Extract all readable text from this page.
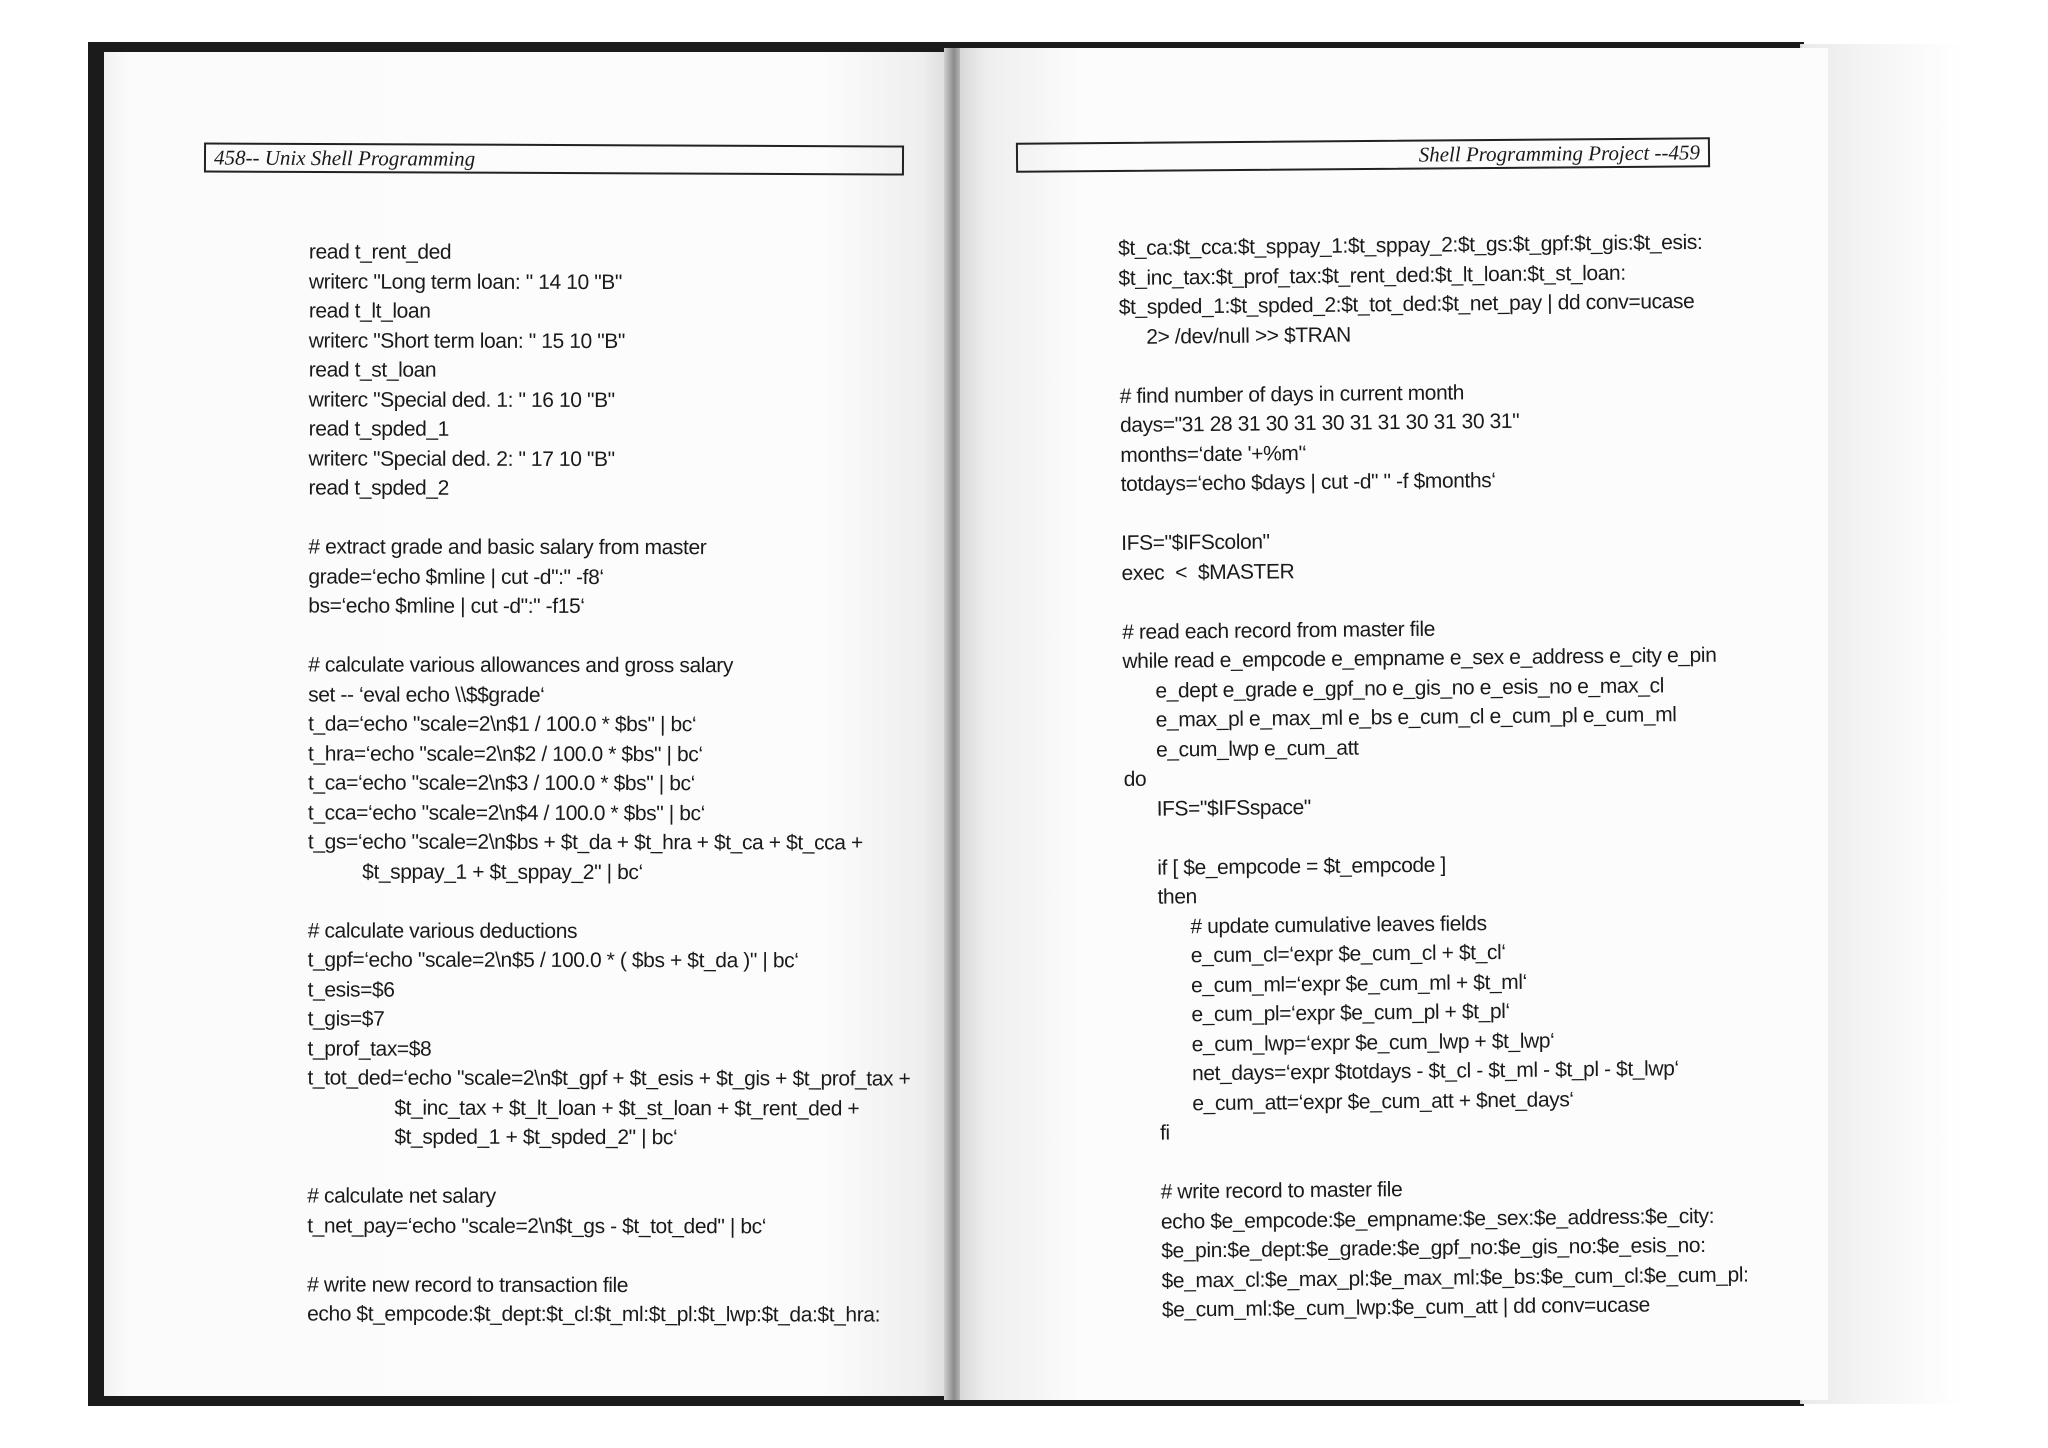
458-- Unix Shell Programming
read t_rent_ded
writerc "Long term loan: " 14 10 "B"
read t_lt_loan
writerc "Short term loan: " 15 10 "B"
read t_st_loan
writerc "Special ded. 1: " 16 10 "B"
read t_spded_1
writerc "Special ded. 2: " 17 10 "B"
read t_spded_2
# extract grade and basic salary from master
grade=‘echo $mline | cut -d":" -f8‘
bs=‘echo $mline | cut -d":" -f15‘
# calculate various allowances and gross salary
set -- ‘eval echo \\$$grade‘
t_da=‘echo "scale=2\n$1 / 100.0 * $bs" | bc‘
t_hra=‘echo "scale=2\n$2 / 100.0 * $bs" | bc‘
t_ca=‘echo "scale=2\n$3 / 100.0 * $bs" | bc‘
t_cca=‘echo "scale=2\n$4 / 100.0 * $bs" | bc‘
t_gs=‘echo "scale=2\n$bs + $t_da + $t_hra + $t_ca + $t_cca +
$t_sppay_1 + $t_sppay_2" | bc‘
# calculate various deductions
t_gpf=‘echo "scale=2\n$5 / 100.0 * ( $bs + $t_da )" | bc‘
t_esis=$6
t_gis=$7
t_prof_tax=$8
t_tot_ded=‘echo "scale=2\n$t_gpf + $t_esis + $t_gis + $t_prof_tax +
$t_inc_tax + $t_lt_loan + $t_st_loan + $t_rent_ded +
$t_spded_1 + $t_spded_2" | bc‘
# calculate net salary
t_net_pay=‘echo "scale=2\n$t_gs - $t_tot_ded" | bc‘
# write new record to transaction file
echo $t_empcode:$t_dept:$t_cl:$t_ml:$t_pl:$t_lwp:$t_da:$t_hra:
Shell Programming Project --459
$t_ca:$t_cca:$t_sppay_1:$t_sppay_2:$t_gs:$t_gpf:$t_gis:$t_esis:
$t_inc_tax:$t_prof_tax:$t_rent_ded:$t_lt_loan:$t_st_loan:
$t_spded_1:$t_spded_2:$t_tot_ded:$t_net_pay | dd conv=ucase
2> /dev/null >> $TRAN
# find number of days in current month
days="31 28 31 30 31 30 31 31 30 31 30 31"
months=‘date '+%m'‘
totdays=‘echo $days | cut -d" " -f $months‘
IFS="$IFScolon"
exec  <  $MASTER
# read each record from master file
while read e_empcode e_empname e_sex e_address e_city e_pin
e_dept e_grade e_gpf_no e_gis_no e_esis_no e_max_cl
e_max_pl e_max_ml e_bs e_cum_cl e_cum_pl e_cum_ml
e_cum_lwp e_cum_att
do
IFS="$IFSspace"
if [ $e_empcode = $t_empcode ]
then
# update cumulative leaves fields
e_cum_cl=‘expr $e_cum_cl + $t_cl‘
e_cum_ml=‘expr $e_cum_ml + $t_ml‘
e_cum_pl=‘expr $e_cum_pl + $t_pl‘
e_cum_lwp=‘expr $e_cum_lwp + $t_lwp‘
net_days=‘expr $totdays - $t_cl - $t_ml - $t_pl - $t_lwp‘
e_cum_att=‘expr $e_cum_att + $net_days‘
fi
# write record to master file
echo $e_empcode:$e_empname:$e_sex:$e_address:$e_city:
$e_pin:$e_dept:$e_grade:$e_gpf_no:$e_gis_no:$e_esis_no:
$e_max_cl:$e_max_pl:$e_max_ml:$e_bs:$e_cum_cl:$e_cum_pl:
$e_cum_ml:$e_cum_lwp:$e_cum_att | dd conv=ucase
